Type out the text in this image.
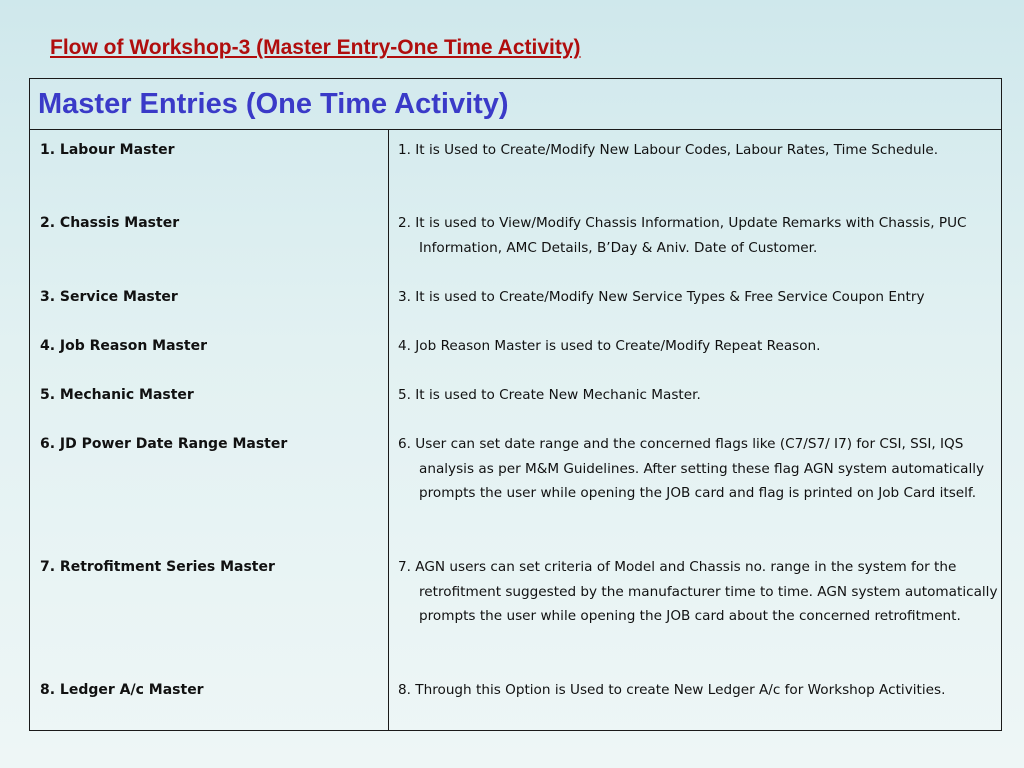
Flow of Workshop-3 (Master Entry-One Time Activity)
Master Entries (One Time Activity)
1. Labour Master	1. It is Used to Create/Modify New Labour Codes, Labour Rates, Time Schedule.
2. Chassis Master	2. It is used to View/Modify Chassis Information, Update Remarks with Chassis, PUC Information, AMC Details, B’Day & Aniv. Date of Customer.
3. Service Master	3. It is used to Create/Modify New Service Types & Free Service Coupon Entry
4. Job Reason Master	4. Job Reason Master is used to Create/Modify Repeat Reason.
5. Mechanic Master	5. It is used to Create New Mechanic Master.
6. JD Power Date Range Master	6. User can set date range and the concerned flags like (C7/S7/ I7) for CSI, SSI, IQS analysis as per M&M Guidelines. After setting these flag AGN system automatically prompts the user while opening the JOB card and flag is printed on Job Card itself.
7. Retrofitment Series Master	7. AGN users can set criteria of Model and Chassis no. range in the system for the retrofitment suggested by the manufacturer time to time. AGN system automatically prompts the user while opening the JOB card about the concerned retrofitment.
8. Ledger A/c Master	8. Through this Option is Used to create New Ledger A/c for Workshop Activities.
